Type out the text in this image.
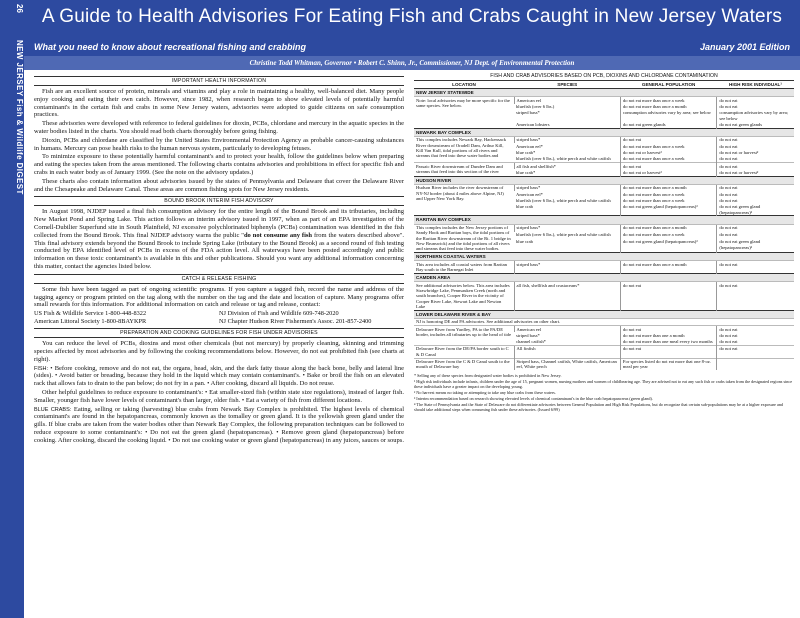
26
NEW JERSEY Fish & Wildlife DIGEST
A Guide to Health Advisories For Eating Fish and Crabs Caught in New Jersey Waters
What you need to know about recreational fishing and crabbing	January 2001 Edition
Christine Todd Whitman, Governor • Robert C. Shinn, Jr., Commissioner, NJ Dept. of Environmental Protection
IMPORTANT HEALTH INFORMATION

Fish are an excellent source of protein, minerals and vitamins and play a role in maintaining a healthy, well-balanced diet. Many people enjoy cooking and eating their own catch. However, since 1982, when research began to show elevated levels of potentially harmful contaminant's in the certain fish and crabs in some New Jersey waters, advisories were adopted to guide citizens on safe consumption practices.

These advisories were developed with reference to federal guidelines for dioxin, PCBs, chlordane and mercury in the aquatic species in the water bodies listed in the charts. You should read both charts thoroughly before going fishing.

Dioxin, PCBs and chlordane are classified by the United States Environmental Protection Agency as probable cancer-causing substances in humans. Mercury can pose health risks to the human nervous system, particularly to developing fetuses.

To minimize exposure to these potentially harmful contaminant's and to protect your health, follow the guidelines below when preparing and eating the species taken from the areas mentioned. The following charts contains advisories and prohibitions in effect for specific fish and crabs in each water body as of January 1999. (See the note on the advisory updates.)

These charts also contain information about advisories issued by the states of Pennsylvania and Delaware that cover the Delaware River and the Chesapeake and Delaware Canal. These areas are common fishing spots for New Jersey residents.

BOUND BROOK INTERIM FISH ADVISORY

In August 1998, NJDEP issued a final fish consumption advisory for the entire length of the Bound Brook and its tributaries, including New Market Pond and Spring Lake. This action follows an interim advisory issued in 1997, when as part of an EPA investigation of the Cornell-Dubilier Superfund site in South Plainfield, NJ excessive polychlorinated biphenyls (PCBs) contamination was identified in the fish collected from the Bound Brook. This final NJDEP advisory warns the public "do not consume any fish from the waters described above". This final advisory extends beyond the Bound Brook to include Spring Lake (tributary to the Bound Brook) as a second round of fish testing conducted by EPA identified level of PCBs in excess of the FDA action level. All waterways have been posted accordingly and public information on these toxic contaminant's is available in this and other publications. Should you want any additional information concerning this matter, contact the agencies listed below.

CATCH & RELEASE FISHING

Some fish have been tagged as part of ongoing scientific programs. If you capture a tagged fish, record the name and address of the tagging agency or program printed on the tag along with the number on the tag and the date and location of capture. Many programs offer small rewards for this information. For additional information on catch and release or tag and release, contact:

US Fish & Wildlife Service 1-800-448-8322	NJ Division of Fish and Wildlife 609-748-2020
American Littoral Society 1-800-8BAYKPR	NJ Chapter Hudson River Fishermen's Assoc. 201-857-2400
PREPARATION AND COOKING GUIDELINES FOR FISH UNDER ADVISORIES

You can reduce the level of PCBs, dioxins and most other chemicals (but not mercury) by properly cleaning, skinning and trimming species affected by most advisories and by following the cooking recommendations below. However, do not eat prohibited fish (see charts at right).

FISH: • Before cooking, remove and do not eat, the organs, head, skin, and the dark fatty tissue along the back bone, belly and lateral line (sides). • Avoid batter or breading, because they hold in the liquid which may contain contaminant's. • Bake or broil the fish on an elevated rack that allows fats to drain to the pan below; do not fry in a pan. • After cooking, discard all liquids. Do not reuse.

Other helpful guidelines to reduce exposure to contaminant's: • Eat smaller-sized fish (within state size regulations), instead of larger fish. Smaller, younger fish have lower levels of contaminant's than larger, older fish. • Eat a variety of fish from different locations.

BLUE CRABS: Eating, selling or taking (harvesting) blue crabs from Newark Bay Complex is prohibited. The highest levels of chemical contaminant's are found in the hepatopancreas, commonly known as the tomalley or green gland. It is the yellowish green gland under the gills. If blue crabs are taken from the water bodies other than Newark Bay Complex, the following preparation techniques can be followed to reduce exposure to some contaminant's: • Do not eat the green gland (hepatopancreas). • Remove green gland (hepatopancreas) before cooking. After cooking, discard the cooking liquid. • Do not use cooking water or green gland (hepatopancreas) in any juices, sauces or soups.

FISH AND CRAB ADVISORIES BASED ON PCB, DIOXINS AND CHLORDANE CONTAMINATION
LOCATION	SPECIES	GENERAL POPULATION	HIGH RISK INDIVIDUAL¹
NEW JERSEY STATEWIDE			
Note: local advisories may be more specific for the same species. See below.	American eel	do not eat more than once a week	do not eat
	bluefish (over 6 lbs.)	do not eat more than once a month	do not eat
	striped bass*	consumption advisories vary by area; see below	consumption advisories vary by area; see below
	American lobsters	do not eat green glands	do not eat green glands
NEWARK BAY COMPLEX			
This complex includes Newark Bay, Hackensack River downstream of Oradell Dam, Arthur Kill, Kill Van Kull, tidal portions of all rivers and streams that feed into these water bodies and	striped bass*	do not eat	do not eat
	American eel*	do not eat more than once a week	do not eat
	blue crab*	do not eat or harvest²	do not eat or harvest²
	bluefish (over 6 lbs.), white perch and white catfish	do not eat more than once a week	do not eat
Passaic River downstream of Dundee Dam and streams that feed into this section of the river	all fish and shellfish*	do not eat	do not eat
	blue crab*	do not eat or harvest²	do not eat or harvest²
HUDSON RIVER			
Hudson River includes the river downstream of NY-NJ border (about 4 miles above Alpine, NJ) and Upper New York Bay.	striped bass*	do not eat more than once a month	do not eat
	American eel*	do not eat more than once a week	do not eat
	bluefish (over 6 lbs.), white perch and white catfish	do not eat more than once a week	do not eat
	blue crab	do not eat green gland (hepatopancreas)³	do not eat green gland (hepatopancreas)³
RARITAN BAY COMPLEX			
This complex includes the New Jersey portions of Sandy Hook and Raritan bays, the tidal portions of the Raritan River downstream of the Rt. 1 bridge in New Brunswick) and the tidal portions of all rivers and streams that feed into these water bodies.	striped bass*	do not eat more than once a month	do not eat
	bluefish (over 6 lbs.), white perch and white catfish	do not eat more than once a week	do not eat
	blue crab	do not eat green gland (hepatopancreas)³	do not eat green gland (hepatopancreas)³
NORTHERN COASTAL WATERS			
This area includes all coastal waters from Raritan Bay south to the Barnegat Inlet	striped bass*	do not eat more than once a month	do not eat
CAMDEN AREA			
See additional advisories below. This area includes Strawbridge Lake, Pennsauken Creek (north and south branches), Cooper River in the vicinity of Cooper River Lake, Stewart Lake and Newton Lake	all fish, shellfish and crustaceans*	do not eat	do not eat
LOWER DELAWARE RIVER & BAY			
NJ is honoring DE and PA advisories. See additional advisories on other chart.			
Delaware River from Yardley, PA to the PA/DE border, includes all tributaries up to the head of tide	American eel	do not eat	do not eat
	striped bass*	do not eat more than one a month	do not eat
	channel catfish*	do not eat more than one meal every two months	do not eat
Delaware River from the DE/PA border south to C & D Canal	All finfish	do not eat	do not eat
Delaware River from the C & D Canal south to the mouth of Delaware bay	Striped bass, Channel catfish, White catfish, American eel, White perch	For species listed do not eat more that one 8-oz. meal per year	
* Selling any of these species from designated water bodies is prohibited in New Jersey.
¹ High risk individuals include infants, children under the age of 15, pregnant women, nursing mothers and women of childbearing age. They are advised not to eat any such fish or crabs taken from the designated regions since these individuals have a greater impact on the developing young.
² No harvest means no taking or attempting to take any blue crabs from these waters.
³ Interim recommendation based on research showing elevated levels of chemical contaminant's in the blue crab hepatopancreas (green gland).
⁴ The State of Pennsylvania and the State of Delaware do not differentiate advisories between General Population and High Risk Populations, but do recognize that certain sub-populations may be at a higher exposure and should take additional steps when consuming fish under these advisories. (Issued 6/99)
